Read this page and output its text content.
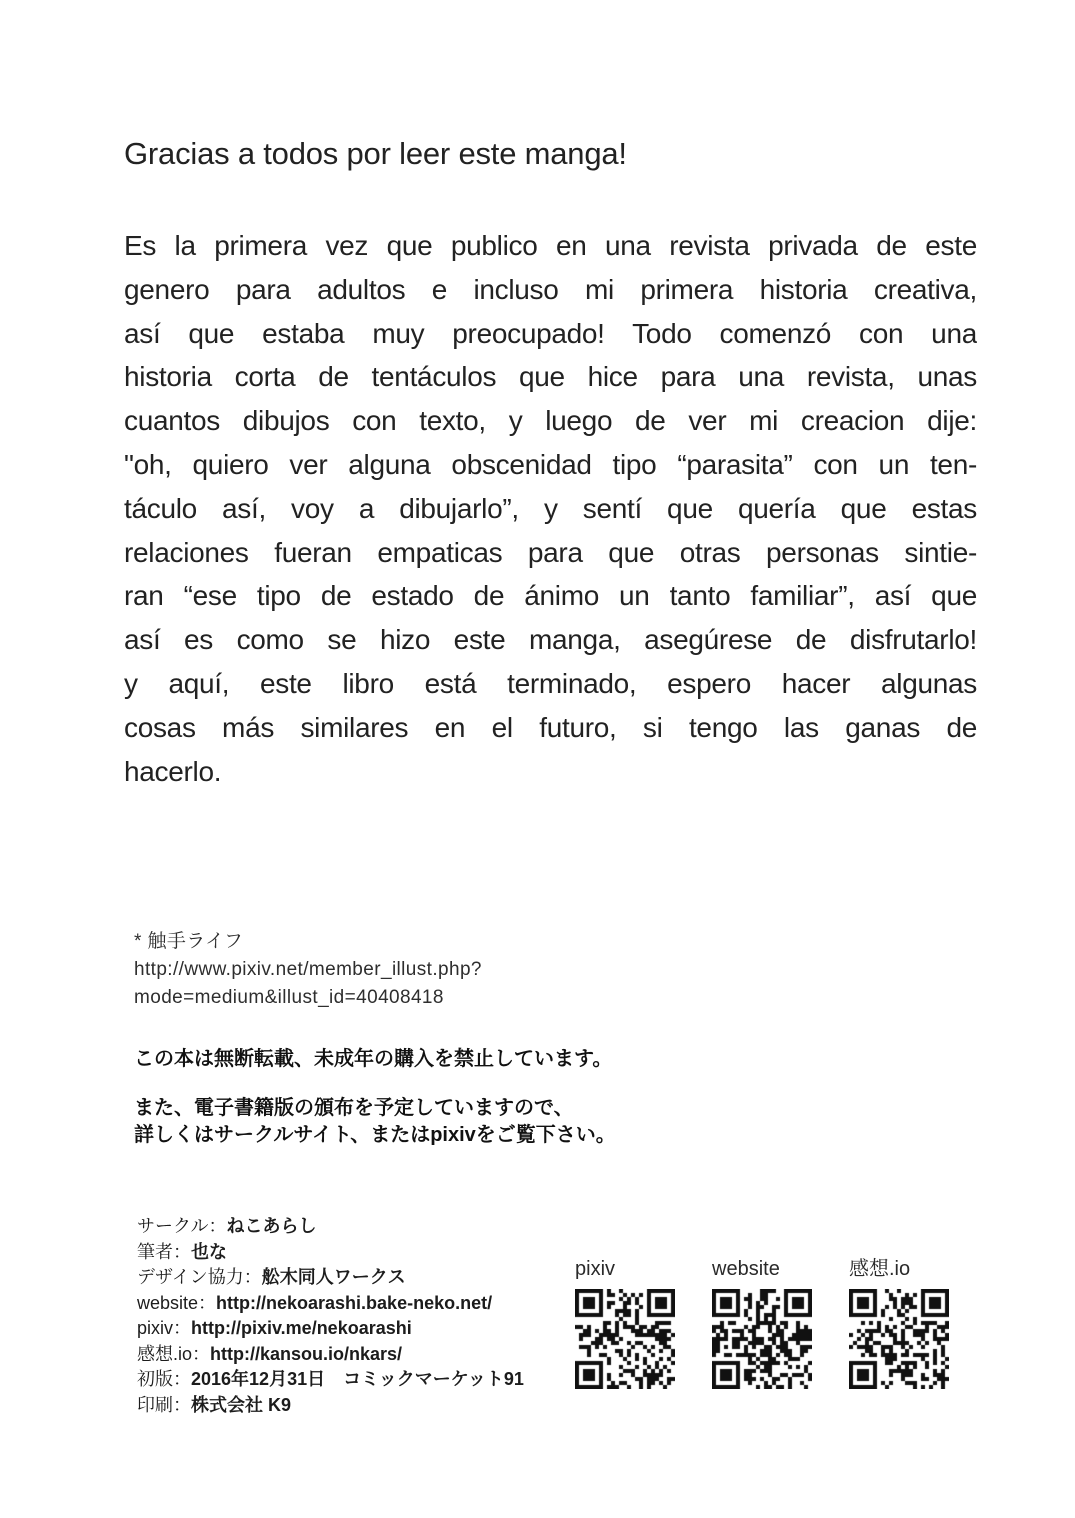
Gracias a todos por leer este manga!
Es la primera vez que publico en una revista privada de este
genero para adultos e incluso mi primera historia creativa,
así que estaba muy preocupado! Todo comenzó con una
historia corta de tentáculos que hice para una revista, unas
cuantos dibujos con texto, y luego de ver mi creacion dije:
"oh, quiero ver alguna obscenidad tipo “parasita” con un ten-
táculo así, voy a dibujarlo”, y sentí que quería que estas
relaciones fueran empaticas para que otras personas sintie-
ran “ese tipo de estado de ánimo un tanto familiar”, así que
así es como se hizo este manga, asegúrese de disfrutarlo!
y aquí, este libro está terminado, espero hacer algunas
cosas más similares en el futuro, si tengo las ganas de
hacerlo.
* 触手ライフ
http://www.pixiv.net/member_illust.php?
mode=medium&illust_id=40408418
この本は無断転載、未成年の購入を禁止しています。
また、電子書籍版の頒布を予定していますので、
詳しくはサークルサイト、またはpixivをご覧下さい。
サークル：ねこあらし
筆者：也な
デザイン協力：舩木同人ワークス
website：http://nekoarashi.bake-neko.net/
pixiv：http://pixiv.me/nekoarashi
感想.io：http://kansou.io/nkars/
初版：2016年12月31日　コミックマーケット91
印刷：株式会社 K9
pixiv	website	感想.io
